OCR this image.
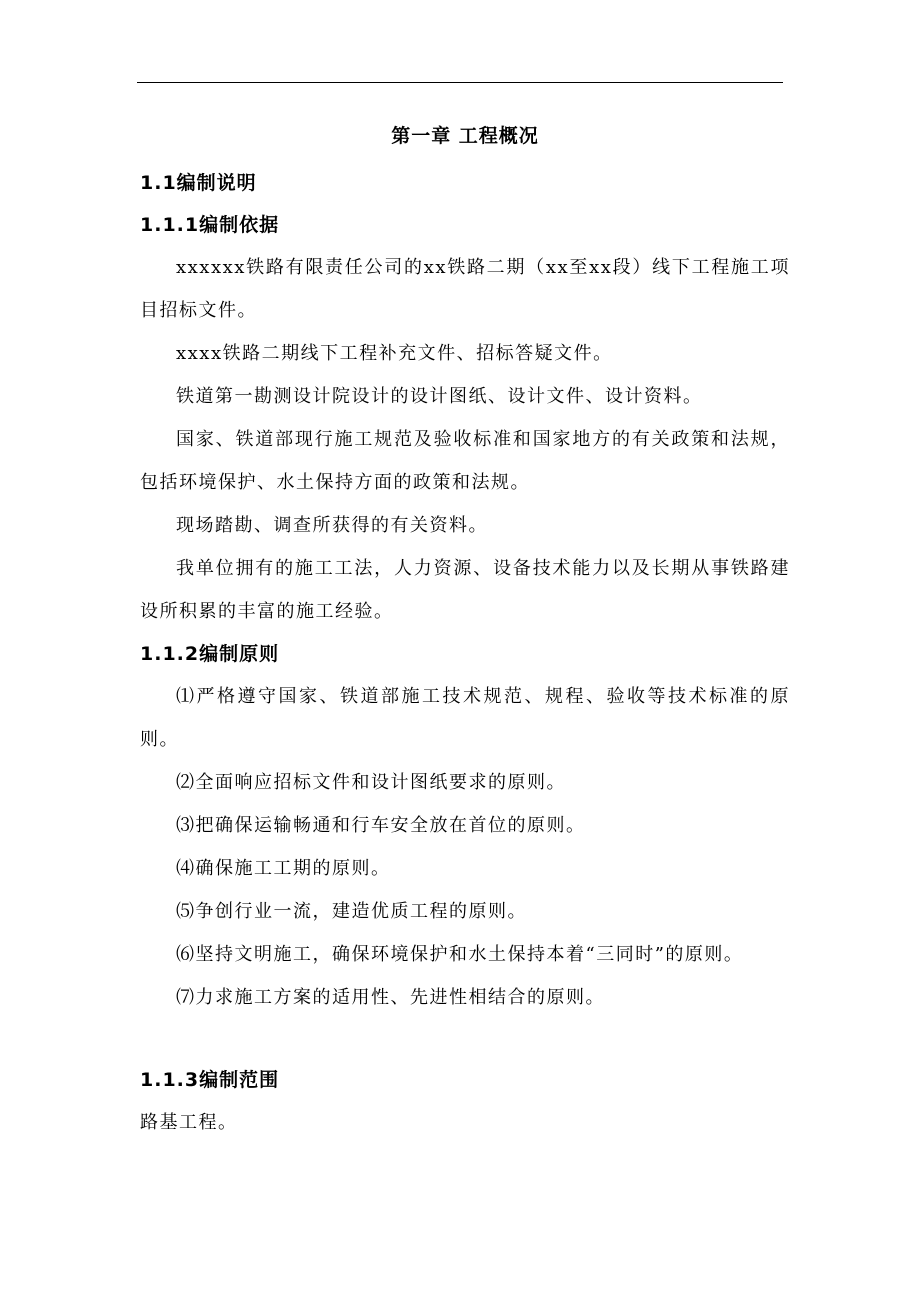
第一章 工程概况
1.1编制说明
1.1.1编制依据

xxxxxx铁路有限责任公司的xx铁路二期（xx至xx段）线下工程施工项目招标文件。

xxxx铁路二期线下工程补充文件、招标答疑文件。

铁道第一勘测设计院设计的设计图纸、设计文件、设计资料。

国家、铁道部现行施工规范及验收标准和国家地方的有关政策和法规，包括环境保护、水土保持方面的政策和法规。

现场踏勘、调查所获得的有关资料。

我单位拥有的施工工法，人力资源、设备技术能力以及长期从事铁路建设所积累的丰富的施工经验。

1.1.2编制原则

⑴严格遵守国家、铁道部施工技术规范、规程、验收等技术标准的原则。

⑵全面响应招标文件和设计图纸要求的原则。

⑶把确保运输畅通和行车安全放在首位的原则。

⑷确保施工工期的原则。

⑸争创行业一流，建造优质工程的原则。

⑹坚持文明施工，确保环境保护和水土保持本着“三同时”的原则。

⑺力求施工方案的适用性、先进性相结合的原则。

1.1.3编制范围

路基工程。
